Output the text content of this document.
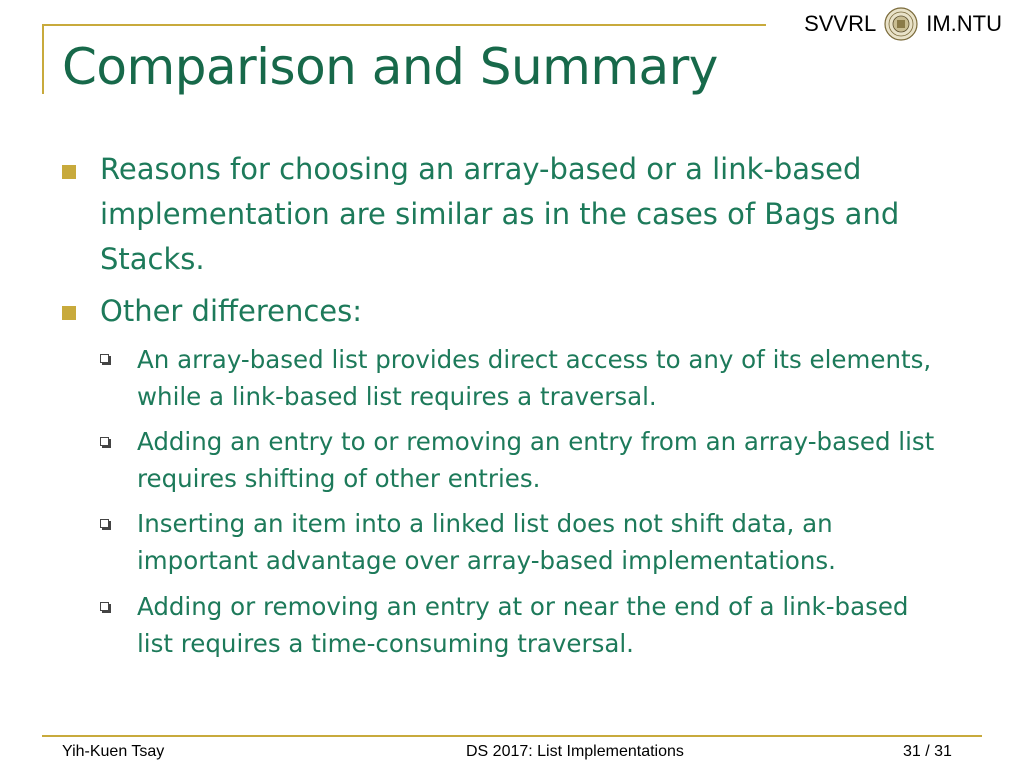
SVVRL IM.NTU
Comparison and Summary
Reasons for choosing an array-based or a link-based
implementation are similar as in the cases of Bags and
Stacks.
Other differences:
An array-based list provides direct access to any of its elements,
while a link-based list requires a traversal.
Adding an entry to or removing an entry from an array-based list
requires shifting of other entries.
Inserting an item into a linked list does not shift data, an
important advantage over array-based implementations.
Adding or removing an entry at or near the end of a link-based
list requires a time-consuming traversal.
Yih-Kuen Tsay	DS 2017: List Implementations	31 / 31
